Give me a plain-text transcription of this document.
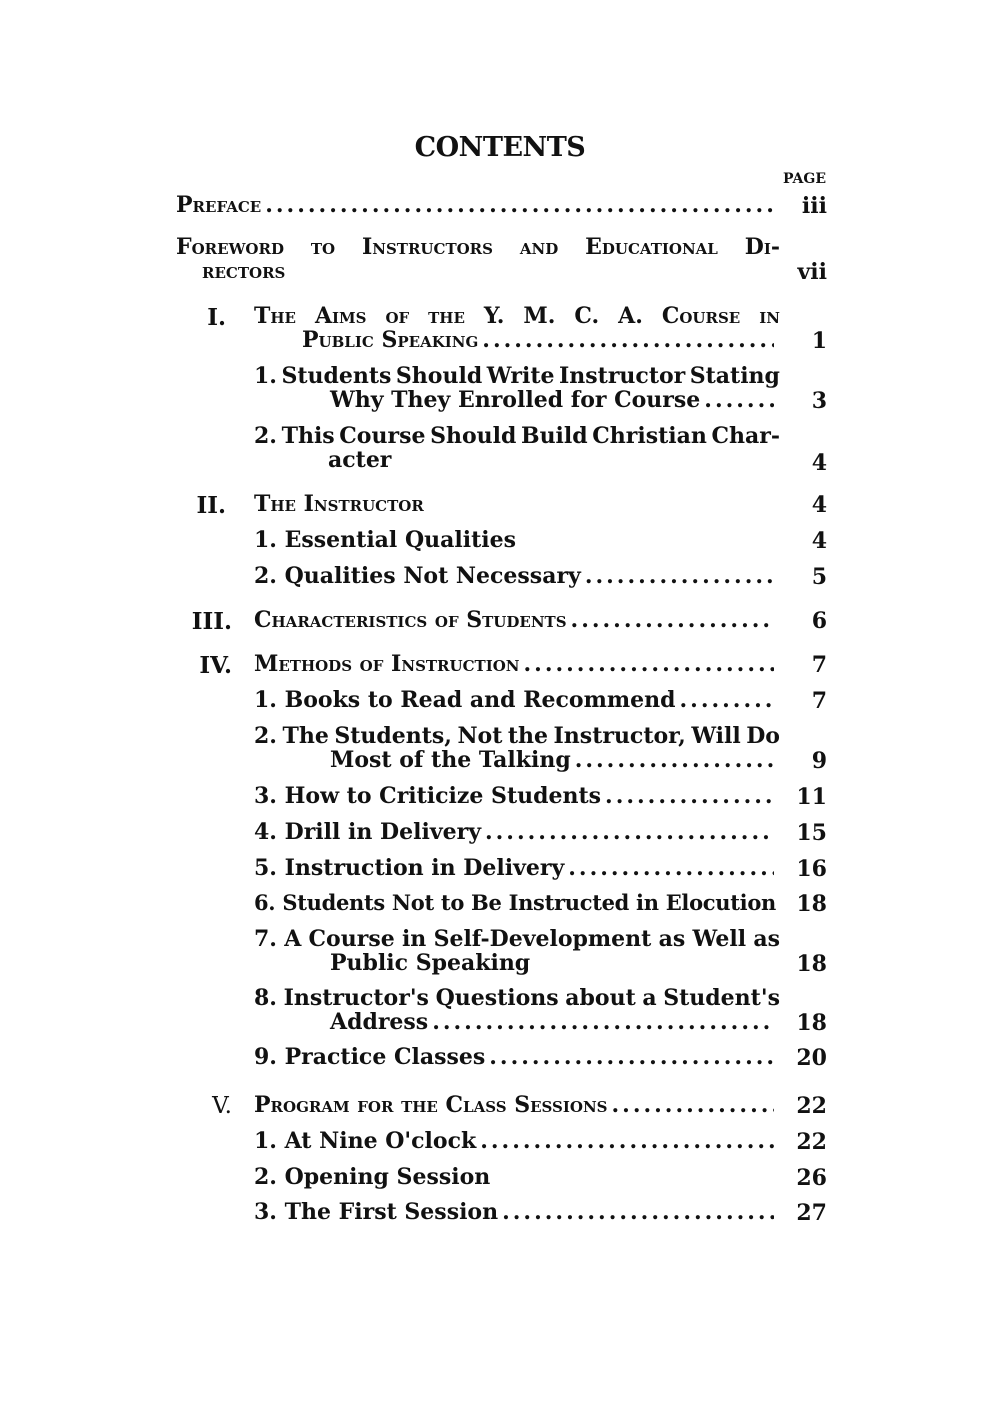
CONTENTS
PAGE
Preface .....	iii
Foreword to Instructors and Educational Di-
rectors	vii
I. The Aims of the Y. M. C. A. Course in
Public Speaking .....	1
1. Students Should Write Instructor Stating
Why They Enrolled for Course .....	3
2. This Course Should Build Christian Char-
acter	4
II. The Instructor	4
1. Essential Qualities	4
2. Qualities Not Necessary .....	5
III. Characteristics of Students .....	6
IV. Methods of Instruction .....	7
1. Books to Read and Recommend .....	7
2. The Students, Not the Instructor, Will Do
Most of the Talking .....	9
3. How to Criticize Students .....	11
4. Drill in Delivery .....	15
5. Instruction in Delivery .....	16
6. Students Not to Be Instructed in Elocution 18
7. A Course in Self-Development as Well as
Public Speaking	18
8. Instructor's Questions about a Student's
Address .....	18
9. Practice Classes .....	20
V. Program for the Class Sessions .....	22
1. At Nine O'clock .....	22
2. Opening Session	26
3. The First Session .....	27
